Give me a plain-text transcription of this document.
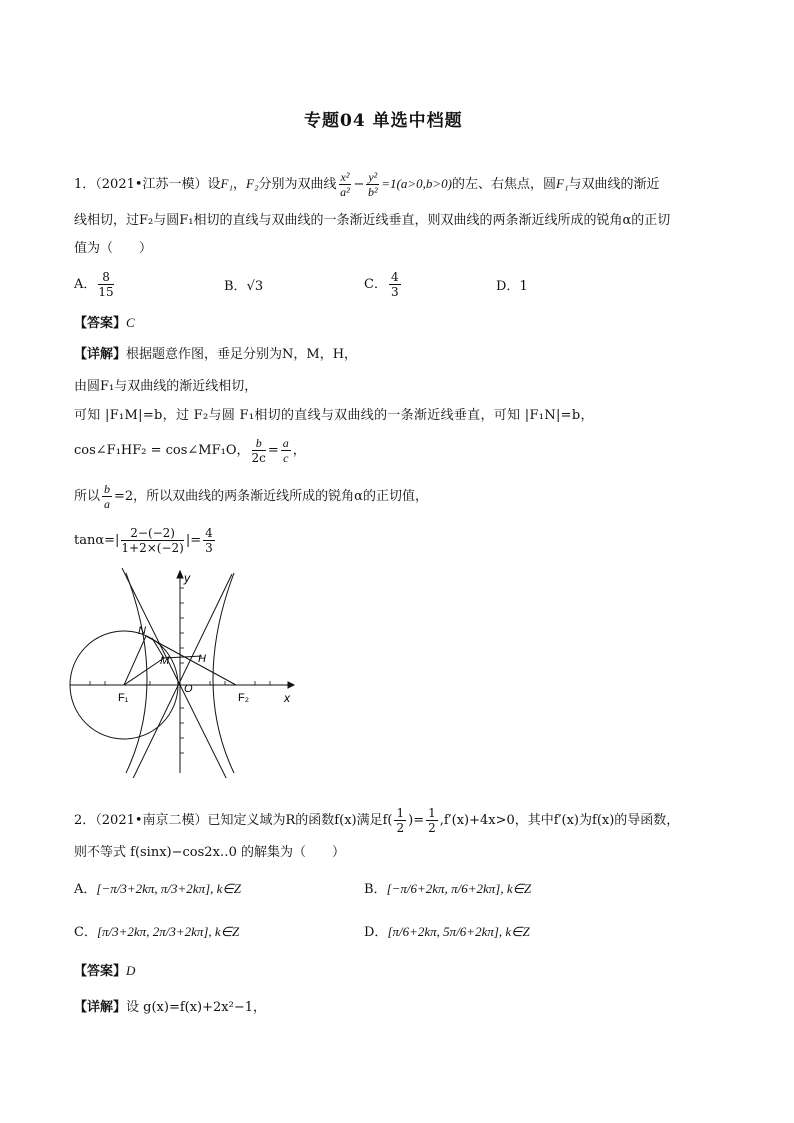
专题04 单选中档题
1．（2021•江苏一模）设F₁，F₂分别为双曲线 $\frac{\text{x²}}{\text{a²}} - \frac{\text{y²}}{\text{b²}} =1(a>0,b>0)$的左、右焦点，圆F₁与双曲线的渐近
线相切，过F₂与圆F₁相切的直线与双曲线的一条渐近线垂直，则双曲线的两条渐近线所成的锐角α的正切
值为（　　）
A． $\frac{8}{15}$	B．√3	C． $\frac{4}{3}$	D．1
【答案】C
【详解】根据题意作图，垂足分别为N，M，H，
由圆F₁与双曲线的渐近线相切，
可知 |F₁M|=b，过 F₂与圆 F₁相切的直线与双曲线的一条渐近线垂直，可知 |F₁N|=b，
cos∠F₁HF₂ = cos∠MF₁O， $\frac{b}{2c} = \frac{a}{c}$ ，
所以 $\frac{b}{a} =2$，所以双曲线的两条渐近线所成的锐角α的正切值，
$\tan\alpha=| \frac{2-(-2)}{1+2\times(-2)}$ |= $\frac{4}{3}$
y
x
N
M	H
O
F₁	F₂
2．（2021•南京二模）已知定义域为R的函数f(x)满足$f( \frac{1}{2}$ )= $\frac{1}{2} ,f'(x)+4x>0$，其中f′(x)为f(x)的导函数，
则不等式 f(sinx)−cos2x‥0 的解集为（　　）
A．[−π/3+2kπ, π/3+2kπ], k∈Z	B．[−π/6+2kπ, π/6+2kπ], k∈Z
C．[π/3+2kπ, 2π/3+2kπ], k∈Z	D．[π/6+2kπ, 5π/6+2kπ], k∈Z
【答案】D
【详解】设 g(x)=f(x)+2x²−1，
